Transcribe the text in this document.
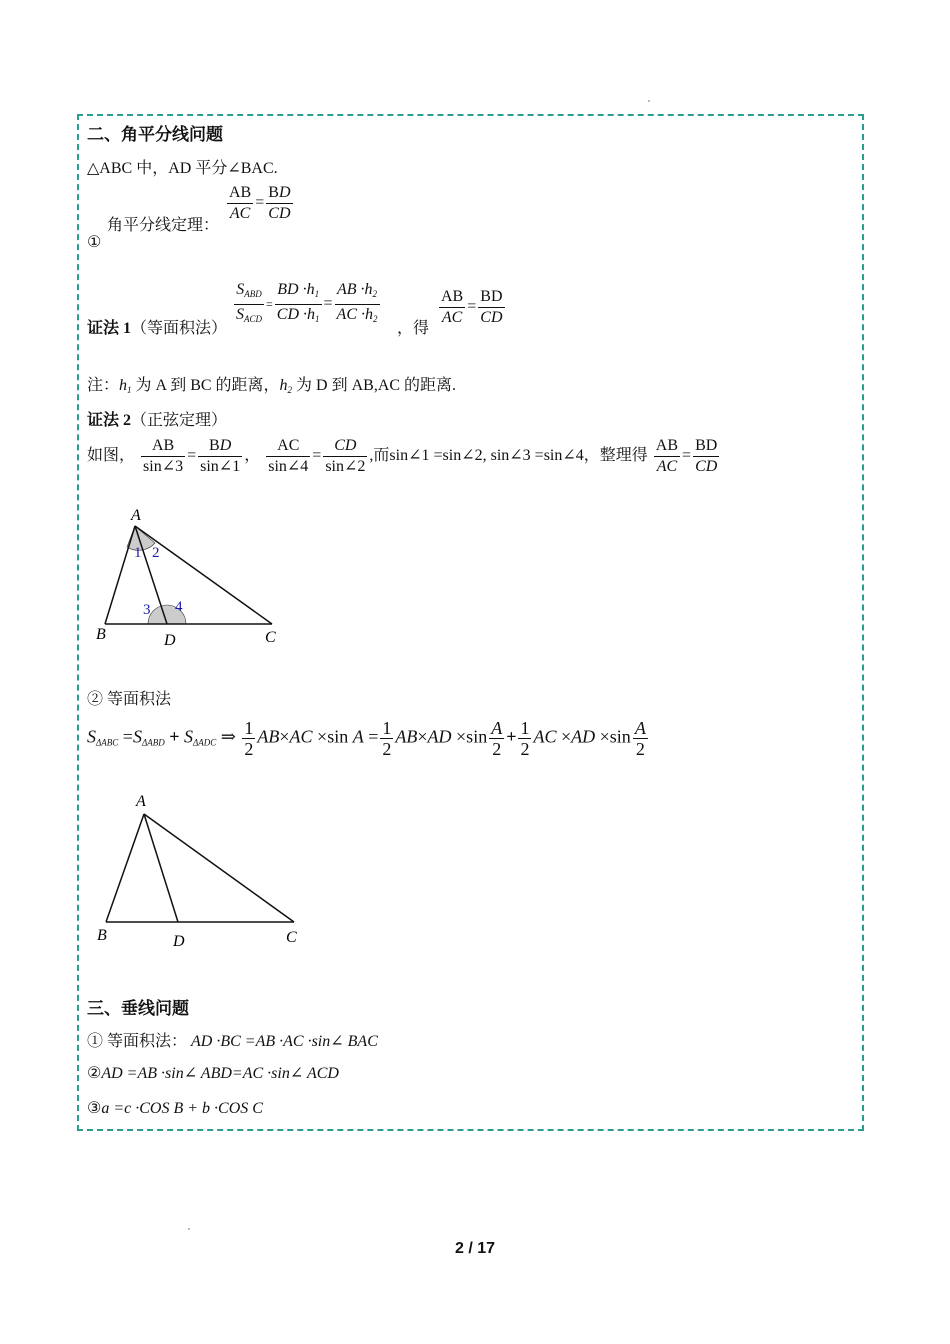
二、角平分线问题
△ABC 中，AD 平分∠BAC.
角平分线定理：
$\frac{AB}{AC} = \frac{BD}{CD}$
①
证法 1（等面积法） $\frac{S_{ABD}}{S_{ACD}} = \frac{BD \cdot h_1}{CD \cdot h_1} = \frac{AB \cdot h_2}{AC \cdot h_2}$ ，得
$\frac{AB}{AC} = \frac{BD}{CD}$
注：$h_1$ 为 A 到 BC 的距离，$h_2$ 为 D 到 AB,AC 的距离.
证法 2（正弦定理）
如图， $\frac{AB}{\sin\angle 3} = \frac{BD}{\sin\angle 1}$ ， $\frac{AC}{\sin\angle 4} = \frac{CD}{\sin\angle 2}$ ,而sin∠1 =sin∠2, sin∠3 =sin∠4，整理得 $\frac{AB}{AC} = \frac{BD}{CD}$
A
B	D	C
1 2
3 4
② 等面积法
$S_{\Delta ABC} =S_{\Delta ABD} + S_{\Delta ADC}$ ⇒ $\frac{1}{2} AB\times AC \times\sin$ $A = \frac{1}{2} AB\times AD \times\sin \frac{A}{2} + \frac{1}{2}$ AC $\times AD \times\sin \frac{A}{2}$
A
B	D	C
三、垂线问题
① 等面积法： AD ·BC =AB ·AC ·sin∠ BAC
②AD =AB ·sin∠ ABD=AC ·sin∠ ACD
③a =c ·COS B + b ·COS C
2 / 17
